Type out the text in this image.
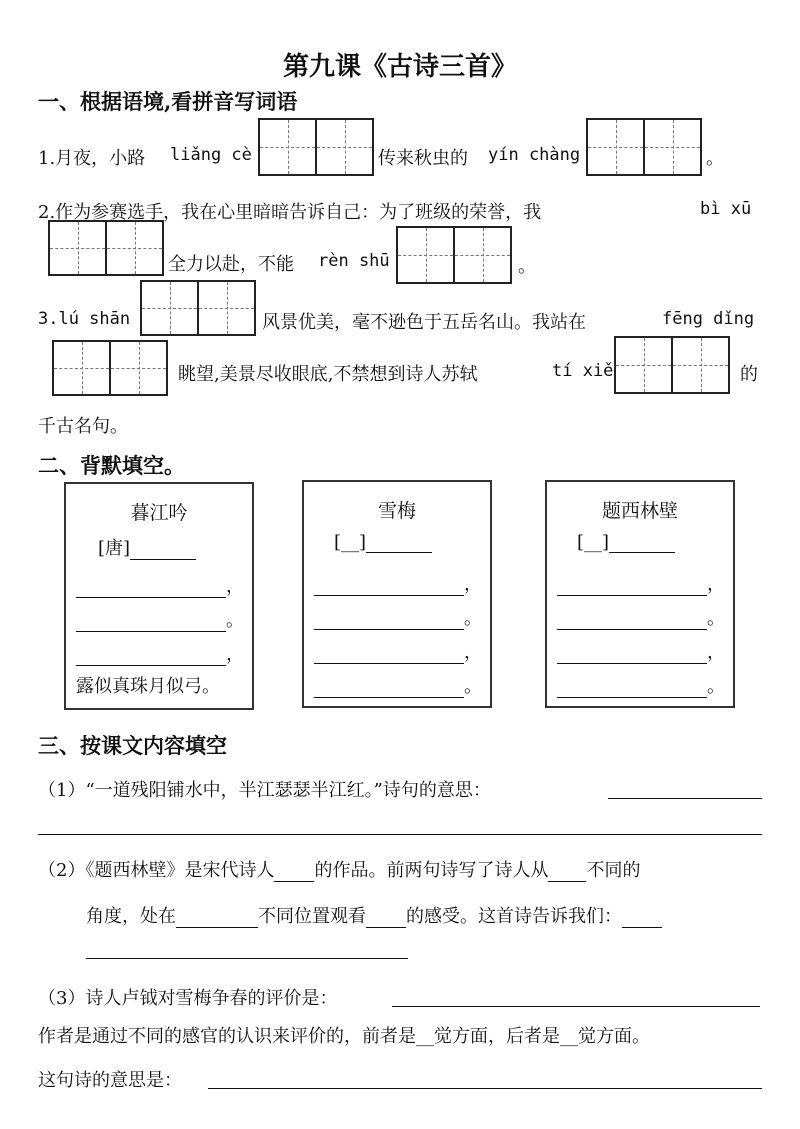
第九课《古诗三首》
一、根据语境,看拼音写词语
1.月夜，小路 liǎng cè	传来秋虫的 yín chàng	。
2.作为参赛选手，我在心里暗暗告诉自己：为了班级的荣誉，我	bì xū
全力以赴，不能 rèn shū	。
3.lú shān	风景优美，毫不逊色于五岳名山。我站在	fēng dǐng
眺望,美景尽收眼底,不禁想到诗人苏轼	tí xiě	的
千古名句。
二、背默填空。
暮江吟
[唐]
，
。
，
露似真珠月似弓。
雪梅
[__]
，
。
，
。
题西林壁
[__]
，
。
，
。
三、按课文内容填空
（1）“一道残阳铺水中，半江瑟瑟半江红。”诗句的意思：
（2）《题西林壁》是宋代诗人 的作品。前两句诗写了诗人从 不同的
角度，处在	不同位置观看 的感受。这首诗告诉我们：
（3）诗人卢钺对雪梅争春的评价是：
作者是通过不同的感官的认识来评价的，前者是__觉方面，后者是__觉方面。
这句诗的意思是：
